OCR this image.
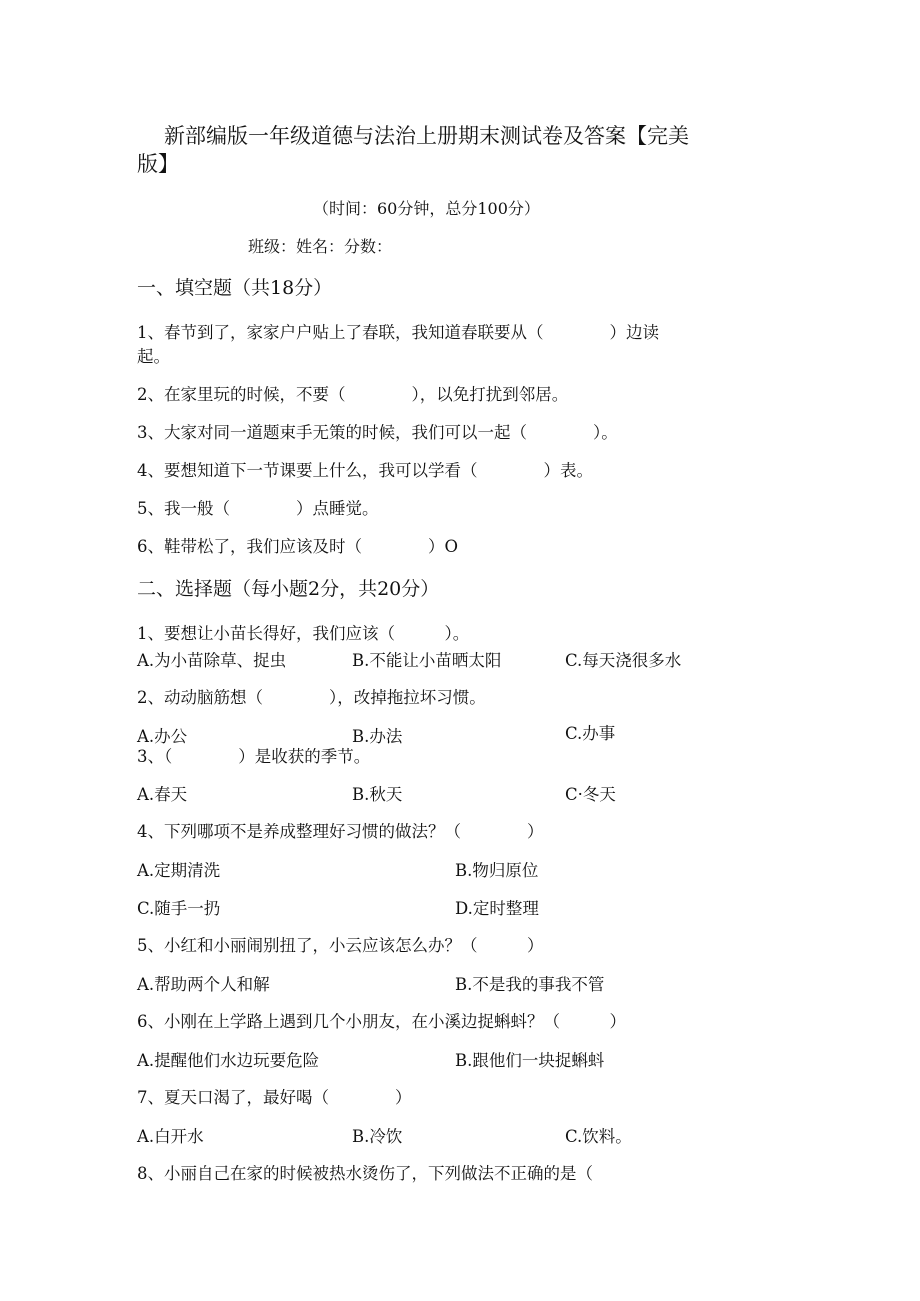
新部编版一年级道德与法治上册期末测试卷及答案【完美
版】
（时间：60分钟，总分100分）
班级：姓名：分数：
一、填空题（共18分）
1、春节到了，家家户户贴上了春联，我知道春联要从（　　　　）边读
起。
2、在家里玩的时候，不要（　　　　），以免打扰到邻居。
3、大家对同一道题束手无策的时候，我们可以一起（　　　　）。
4、要想知道下一节课要上什么，我可以学看（　　　　）表。
5、我一般（　　　　）点睡觉。
6、鞋带松了，我们应该及时（　　　　）O
二、选择题（每小题2分，共20分）
1、要想让小苗长得好，我们应该（　　　）。
A.为小苗除草、捉虫	B.不能让小苗晒太阳	C.每天浇很多水
2、动动脑筋想（　　　　），改掉拖拉坏习惯。
A.办公	B.办法	C.办事
3、（　　　　）是收获的季节。
A.春天	B.秋天	C·冬天
4、下列哪项不是养成整理好习惯的做法？（　　　　）
A.定期清洗	B.物归原位
C.随手一扔	D.定时整理
5、小红和小丽闹别扭了，小云应该怎么办？（　　　）
A.帮助两个人和解	B.不是我的事我不管
6、小刚在上学路上遇到几个小朋友，在小溪边捉蝌蚪？（　　　）
A.提醒他们水边玩要危险	B.跟他们一块捉蝌蚪
7、夏天口渴了，最好喝（　　　　）
A.白开水	B.冷饮	C.饮料。
8、小丽自己在家的时候被热水烫伤了，下列做法不正确的是（
